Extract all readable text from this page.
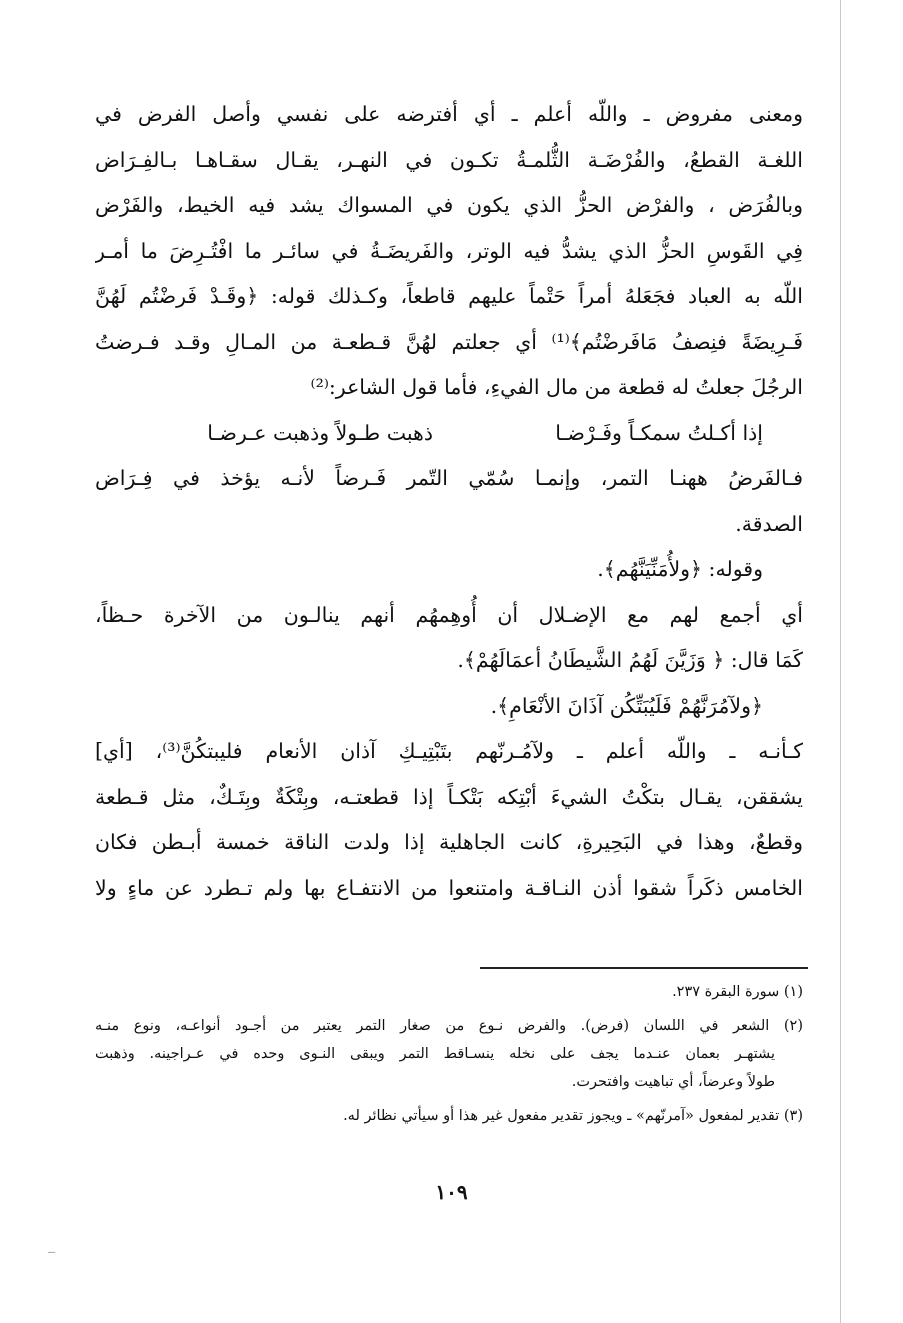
ومعنى مفروض ـ واللّه أعلم ـ أي أفترضه على نفسي وأصل الفرض في
اللغـة القطعُ، والفُرْضَـة الثُّلمـةُ تكـون في النهـر، يقـال سقـاهـا بـالفِـرَاض
وبالفُرَض ، والفرْض الحزُّ الذي يكون في المسواك يشد فيه الخيط، والفَرْض
فِي القَوسِ الحزُّ الذي يشدُّ فيه الوتر، والفَريضَـةُ في سائـر ما افْتُـرِضَ ما أمـر
اللّه به العباد فجَعَلهُ أمراً حَتْماً عليهم قاطعاً، وكـذلك قوله: ﴿وقَـدْ فَرضْتُم لَهُنَّ
فَـرِيضَةً فنِصفُ مَافَرضْتُم﴾⁽¹⁾ أي جعلتم لهُنَّ قـطعـة من المـالِ وقـد فـرضتُ
الرجُلَ جعلتُ له قطعة من مال الفيءِ، فأما قول الشاعر:⁽²⁾
إذا أكـلتُ سمكـاً وفَـرْضـاذهبت طـولاً وذهبت عـرضـا
فـالفَرضُ ههنـا التمر، وإنمـا سُمّي التّمر فَـرضاً لأنـه يؤخذ في فِـرَاض
الصدقة.
وقوله: ﴿ولأُمَنِّيَنَّهُم﴾.
أي أجمع لهم مع الإضـلال أن أُوهِمهُم أنهم ينالـون من الآخرة حـظاً،
كَمَا قال: ﴿ وَزَيَّنَ لَهُمُ الشَّيطَانُ أعمَالَهُمْ﴾.
﴿ولآمُرَنَّهُمْ فَلَيُبَتِّكُن آذَانَ الأنْعَامِ﴾.
كـأنـه ـ واللّه أعلم ـ ولآمُـرنّهم بتَبْتِيـكِ آذان الأنعام فليبتكُنَّ⁽³⁾، [أي]
يشققن، يقـال بتكْتُ الشيءَ أبْتِكه بَتْكـاً إذا قطعتـه، وبِتْكَةٌ وبِتَـكٌ، مثل قـطعة
وقطعٌ، وهذا في البَحِيرةِ، كانت الجاهلية إذا ولدت الناقة خمسة أبـطن فكان
الخامس ذكَراً شقوا أذن النـاقـة وامتنعوا من الانتفـاع بها ولم تـطرد عن ماءٍ ولا
(١) سورة البقرة ٢٣٧.
(٢) الشعر في اللسان (فرض). والفرض نـوع من صغار التمر يعتبر من أجـود أنواعـه، ونوع منـه
يشتهـر بعمان عنـدما يجف على نخله ينسـاقط التمر ويبقى النـوى وحده في عـراجينه. وذهبت
طولاً وعرضاً، أي تباهيت وافتحرت.
(٣) تقدير لمفعول «آمرنّهم» ـ ويجوز تقدير مفعول غير هذا أو سيأتي نظائر له.
١٠٩
ــ
